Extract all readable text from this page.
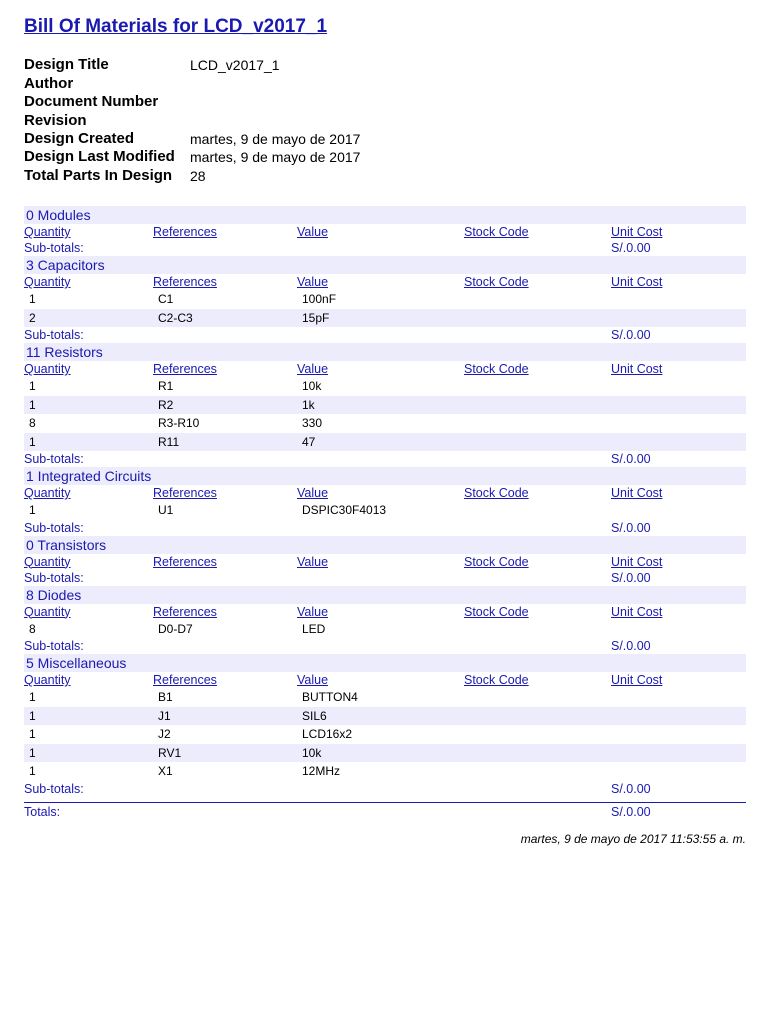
Bill Of Materials for LCD_v2017_1
Design Title	LCD_v2017_1
Author
Document Number
Revision
Design Created	martes, 9 de mayo de 2017
Design Last Modified	martes, 9 de mayo de 2017
Total Parts In Design	28
0 Modules
Quantity	References	Value	Stock Code	Unit Cost
Sub-totals:	S/.0.00
3 Capacitors
Quantity	References	Value	Stock Code	Unit Cost
1	C1	100nF
2	C2-C3	15pF
Sub-totals:	S/.0.00
11 Resistors
Quantity	References	Value	Stock Code	Unit Cost
1	R1	10k
1	R2	1k
8	R3-R10	330
1	R11	47
Sub-totals:	S/.0.00
1 Integrated Circuits
Quantity	References	Value	Stock Code	Unit Cost
1	U1	DSPIC30F4013
Sub-totals:	S/.0.00
0 Transistors
Quantity	References	Value	Stock Code	Unit Cost
Sub-totals:	S/.0.00
8 Diodes
Quantity	References	Value	Stock Code	Unit Cost
8	D0-D7	LED
Sub-totals:	S/.0.00
5 Miscellaneous
Quantity	References	Value	Stock Code	Unit Cost
1	B1	BUTTON4
1	J1	SIL6
1	J2	LCD16x2
1	RV1	10k
1	X1	12MHz
Sub-totals:	S/.0.00
Totals:	S/.0.00
martes, 9 de mayo de 2017 11:53:55 a. m.
